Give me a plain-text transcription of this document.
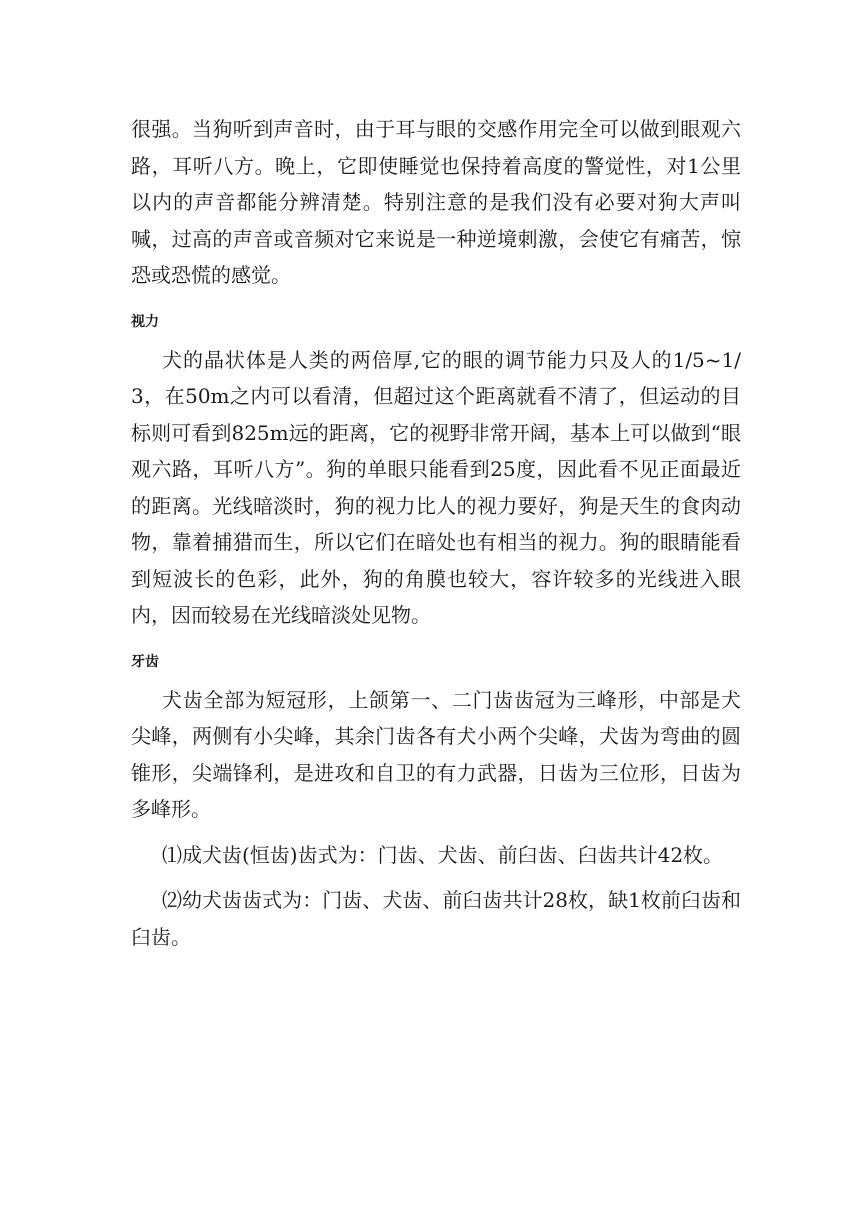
很强。当狗听到声音时，由于耳与眼的交感作用完全可以做到眼观六路，耳听八方。晚上，它即使睡觉也保持着高度的警觉性，对1公里以内的声音都能分辨清楚。特别注意的是我们没有必要对狗大声叫喊，过高的声音或音频对它来说是一种逆境刺激，会使它有痛苦，惊恐或恐慌的感觉。

视力

犬的晶状体是人类的两倍厚,它的眼的调节能力只及人的1/5~1/3，在50m之内可以看清，但超过这个距离就看不清了，但运动的目标则可看到825m远的距离，它的视野非常开阔，基本上可以做到“眼观六路，耳听八方”。狗的单眼只能看到25度，因此看不见正面最近的距离。光线暗淡时，狗的视力比人的视力要好，狗是天生的食肉动物，靠着捕猎而生，所以它们在暗处也有相当的视力。狗的眼睛能看到短波长的色彩，此外，狗的角膜也较大，容许较多的光线进入眼内，因而较易在光线暗淡处见物。

牙齿

犬齿全部为短冠形，上颌第一、二门齿齿冠为三峰形，中部是犬尖峰，两侧有小尖峰，其余门齿各有犬小两个尖峰，犬齿为弯曲的圆锥形，尖端锋利，是进攻和自卫的有力武器，日齿为三位形，日齿为多峰形。

⑴成犬齿(恒齿)齿式为：门齿、犬齿、前臼齿、臼齿共计42枚。

⑵幼犬齿齿式为：门齿、犬齿、前臼齿共计28枚，缺1枚前臼齿和臼齿。
